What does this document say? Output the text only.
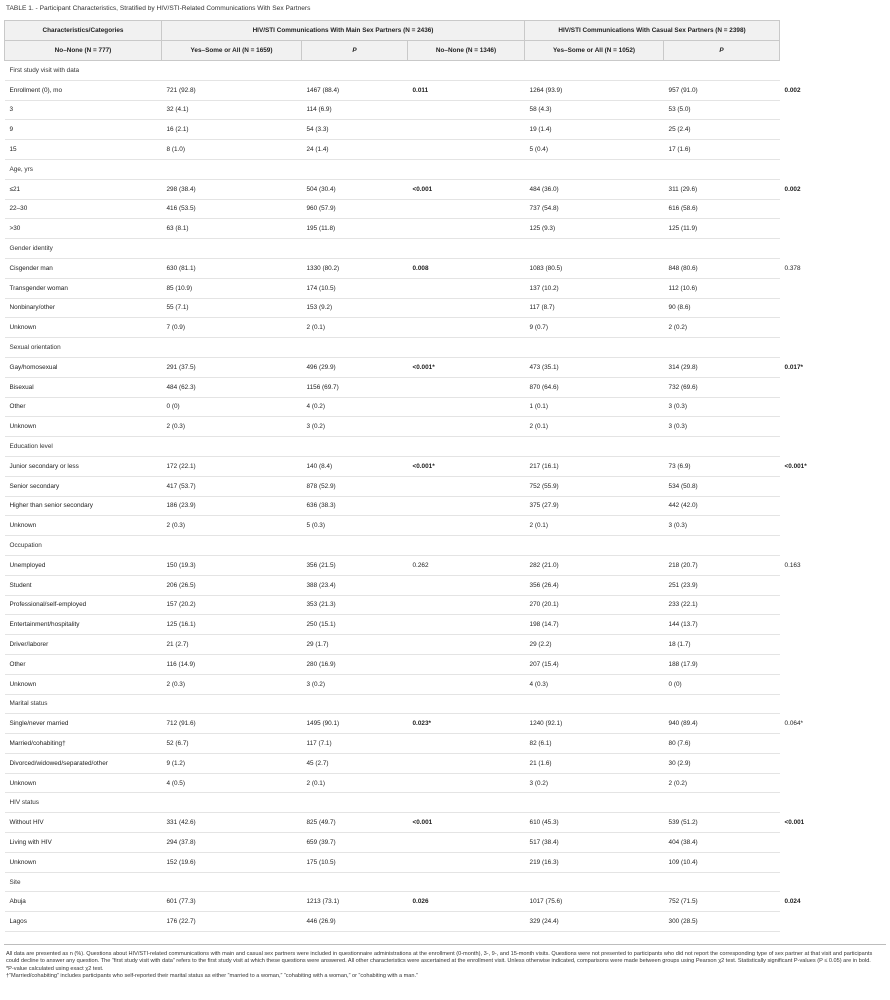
TABLE 1. - Participant Characteristics, Stratified by HIV/STI-Related Communications With Sex Partners
Characteristics/Categories	HIV/STI Communications With Main Sex Partners (N = 2436)			HIV/STI Communications With Casual Sex Partners (N = 2398)		
No–None (N = 777)	Yes–Some or All (N = 1659)	P	No–None (N = 1346)	Yes–Some or All (N = 1052)	P	
First study visit with data						
Enrollment (0), mo	721 (92.8)	1467 (88.4)	0.011	1264 (93.9)	957 (91.0)	0.002
3	32 (4.1)	114 (6.9)		58 (4.3)	53 (5.0)	
9	16 (2.1)	54 (3.3)		19 (1.4)	25 (2.4)	
15	8 (1.0)	24 (1.4)		5 (0.4)	17 (1.6)	
Age, yrs						
≤21	298 (38.4)	504 (30.4)	<0.001	484 (36.0)	311 (29.6)	0.002
22–30	416 (53.5)	960 (57.9)		737 (54.8)	616 (58.6)	
>30	63 (8.1)	195 (11.8)		125 (9.3)	125 (11.9)	
Gender identity						
Cisgender man	630 (81.1)	1330 (80.2)	0.008	1083 (80.5)	848 (80.6)	0.378
Transgender woman	85 (10.9)	174 (10.5)		137 (10.2)	112 (10.6)	
Nonbinary/other	55 (7.1)	153 (9.2)		117 (8.7)	90 (8.6)	
Unknown	7 (0.9)	2 (0.1)		9 (0.7)	2 (0.2)	
Sexual orientation						
Gay/homosexual	291 (37.5)	496 (29.9)	<0.001*	473 (35.1)	314 (29.8)	0.017*
Bisexual	484 (62.3)	1156 (69.7)		870 (64.6)	732 (69.6)	
Other	0 (0)	4 (0.2)		1 (0.1)	3 (0.3)	
Unknown	2 (0.3)	3 (0.2)		2 (0.1)	3 (0.3)	
Education level						
Junior secondary or less	172 (22.1)	140 (8.4)	<0.001*	217 (16.1)	73 (6.9)	<0.001*
Senior secondary	417 (53.7)	878 (52.9)		752 (55.9)	534 (50.8)	
Higher than senior secondary	186 (23.9)	636 (38.3)		375 (27.9)	442 (42.0)	
Unknown	2 (0.3)	5 (0.3)		2 (0.1)	3 (0.3)	
Occupation						
Unemployed	150 (19.3)	356 (21.5)	0.262	282 (21.0)	218 (20.7)	0.163
Student	206 (26.5)	388 (23.4)		356 (26.4)	251 (23.9)	
Professional/self-employed	157 (20.2)	353 (21.3)		270 (20.1)	233 (22.1)	
Entertainment/hospitality	125 (16.1)	250 (15.1)		198 (14.7)	144 (13.7)	
Driver/laborer	21 (2.7)	29 (1.7)		29 (2.2)	18 (1.7)	
Other	116 (14.9)	280 (16.9)		207 (15.4)	188 (17.9)	
Unknown	2 (0.3)	3 (0.2)		4 (0.3)	0 (0)	
Marital status						
Single/never married	712 (91.6)	1495 (90.1)	0.023*	1240 (92.1)	940 (89.4)	0.064*
Married/cohabiting†	52 (6.7)	117 (7.1)		82 (6.1)	80 (7.6)	
Divorced/widowed/separated/other	9 (1.2)	45 (2.7)		21 (1.6)	30 (2.9)	
Unknown	4 (0.5)	2 (0.1)		3 (0.2)	2 (0.2)	
HIV status						
Without HIV	331 (42.6)	825 (49.7)	<0.001	610 (45.3)	539 (51.2)	<0.001
Living with HIV	294 (37.8)	659 (39.7)		517 (38.4)	404 (38.4)	
Unknown	152 (19.6)	175 (10.5)		219 (16.3)	109 (10.4)	
Site						
Abuja	601 (77.3)	1213 (73.1)	0.026	1017 (75.6)	752 (71.5)	0.024
Lagos	176 (22.7)	446 (26.9)		329 (24.4)	300 (28.5)	
All data are presented as n (%). Questions about HIV/STI-related communications with main and casual sex partners were included in questionnaire administrations at the enrollment (0-month), 3-, 9-, and 15-month visits. Questions were not presented to participants who did not report the corresponding type of sex partner at that visit and participants could decline to answer any question. The “first study visit with data” refers to the first study visit at which these questions were answered. All other characteristics were ascertained at the enrollment visit. Unless otherwise indicated, comparisons were made between groups using Pearson χ2 test. Statistically significant P-values (P ≤ 0.05) are in bold.
*P-value calculated using exact χ2 test.
†“Married/cohabiting” includes participants who self-reported their marital status as either “married to a woman,” “cohabiting with a woman,” or “cohabiting with a man.”
